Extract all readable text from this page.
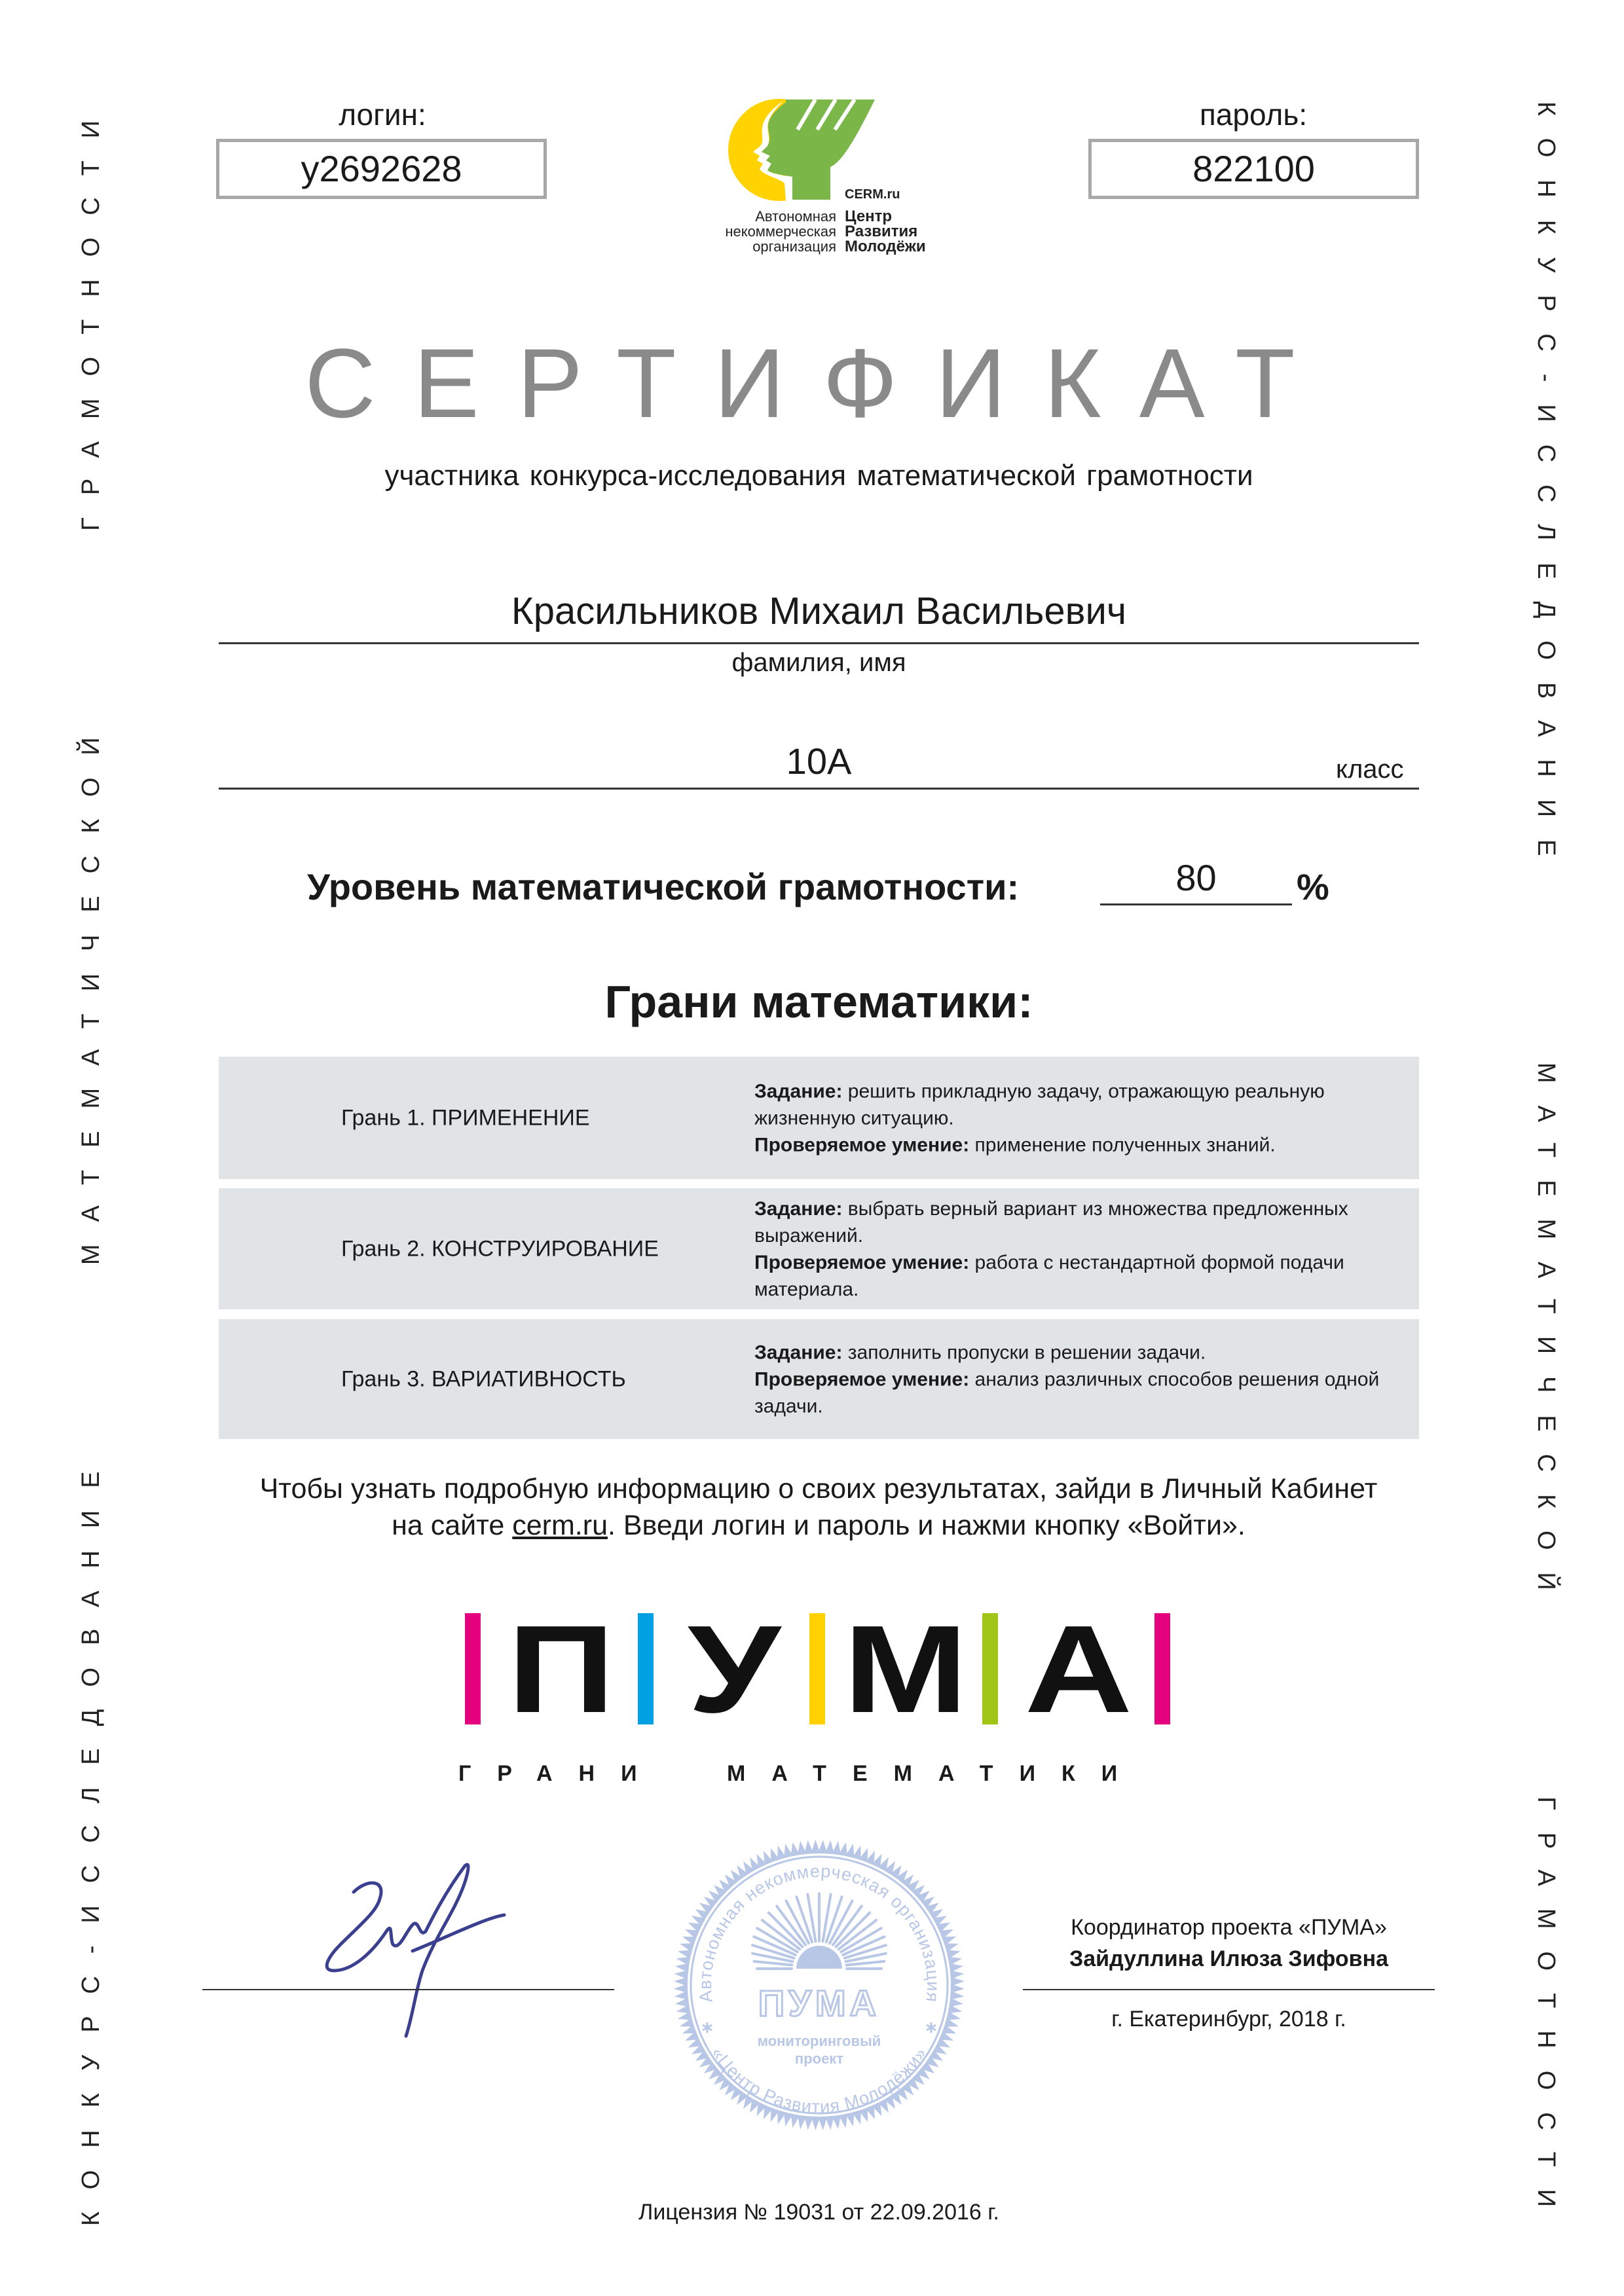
КОНКУРС-ИССЛЕДОВАНИЕ
МАТЕМАТИЧЕСКОЙ
ГРАМОТНОСТИ	КОНКУРС-ИССЛЕДОВАНИЕ
МАТЕМАТИЧЕСКОЙ
ГРАМОТНОСТИ
логин:
y2692628
пароль:
822100
CERM.ru
Автономная
некоммерческая
организация
Центр
Развития
Молодёжи
СЕРТИФИКАТ
участника конкурса-исследования математической грамотности
Красильников Михаил Васильевич
фамилия, имя
10А	класс
Уровень математической грамотности:	80	%
Грани математики:
Грань 1. ПРИМЕНЕНИЕ
Задание: решить прикладную задачу, отражающую реальную жизненную ситуацию.
Проверяемое умение: применение полученных знаний.
Грань 2. КОНСТРУИРОВАНИЕ
Задание: выбрать верный вариант из множества предложенных выражений.
Проверяемое умение: работа с нестандартной формой подачи материала.
Грань 3. ВАРИАТИВНОСТЬ
Задание: заполнить пропуски в решении задачи.
Проверяемое умение: анализ различных способов решения одной задачи.
Чтобы узнать подробную информацию о своих результатах, зайди в Личный Кабинет
на сайте cerm.ru. Введи логин и пароль и нажми кнопку «Войти».
П У М А
ГРАНИ	МАТЕМАТИКИ
Автономная некоммерческая организация
«Центр Развития Молодёжи»
ПУМА
мониторинговый
проект
Координатор проекта «ПУМА»
Зайдуллина Илюза Зифовна
г. Екатеринбург, 2018 г.
Лицензия № 19031 от 22.09.2016 г.
